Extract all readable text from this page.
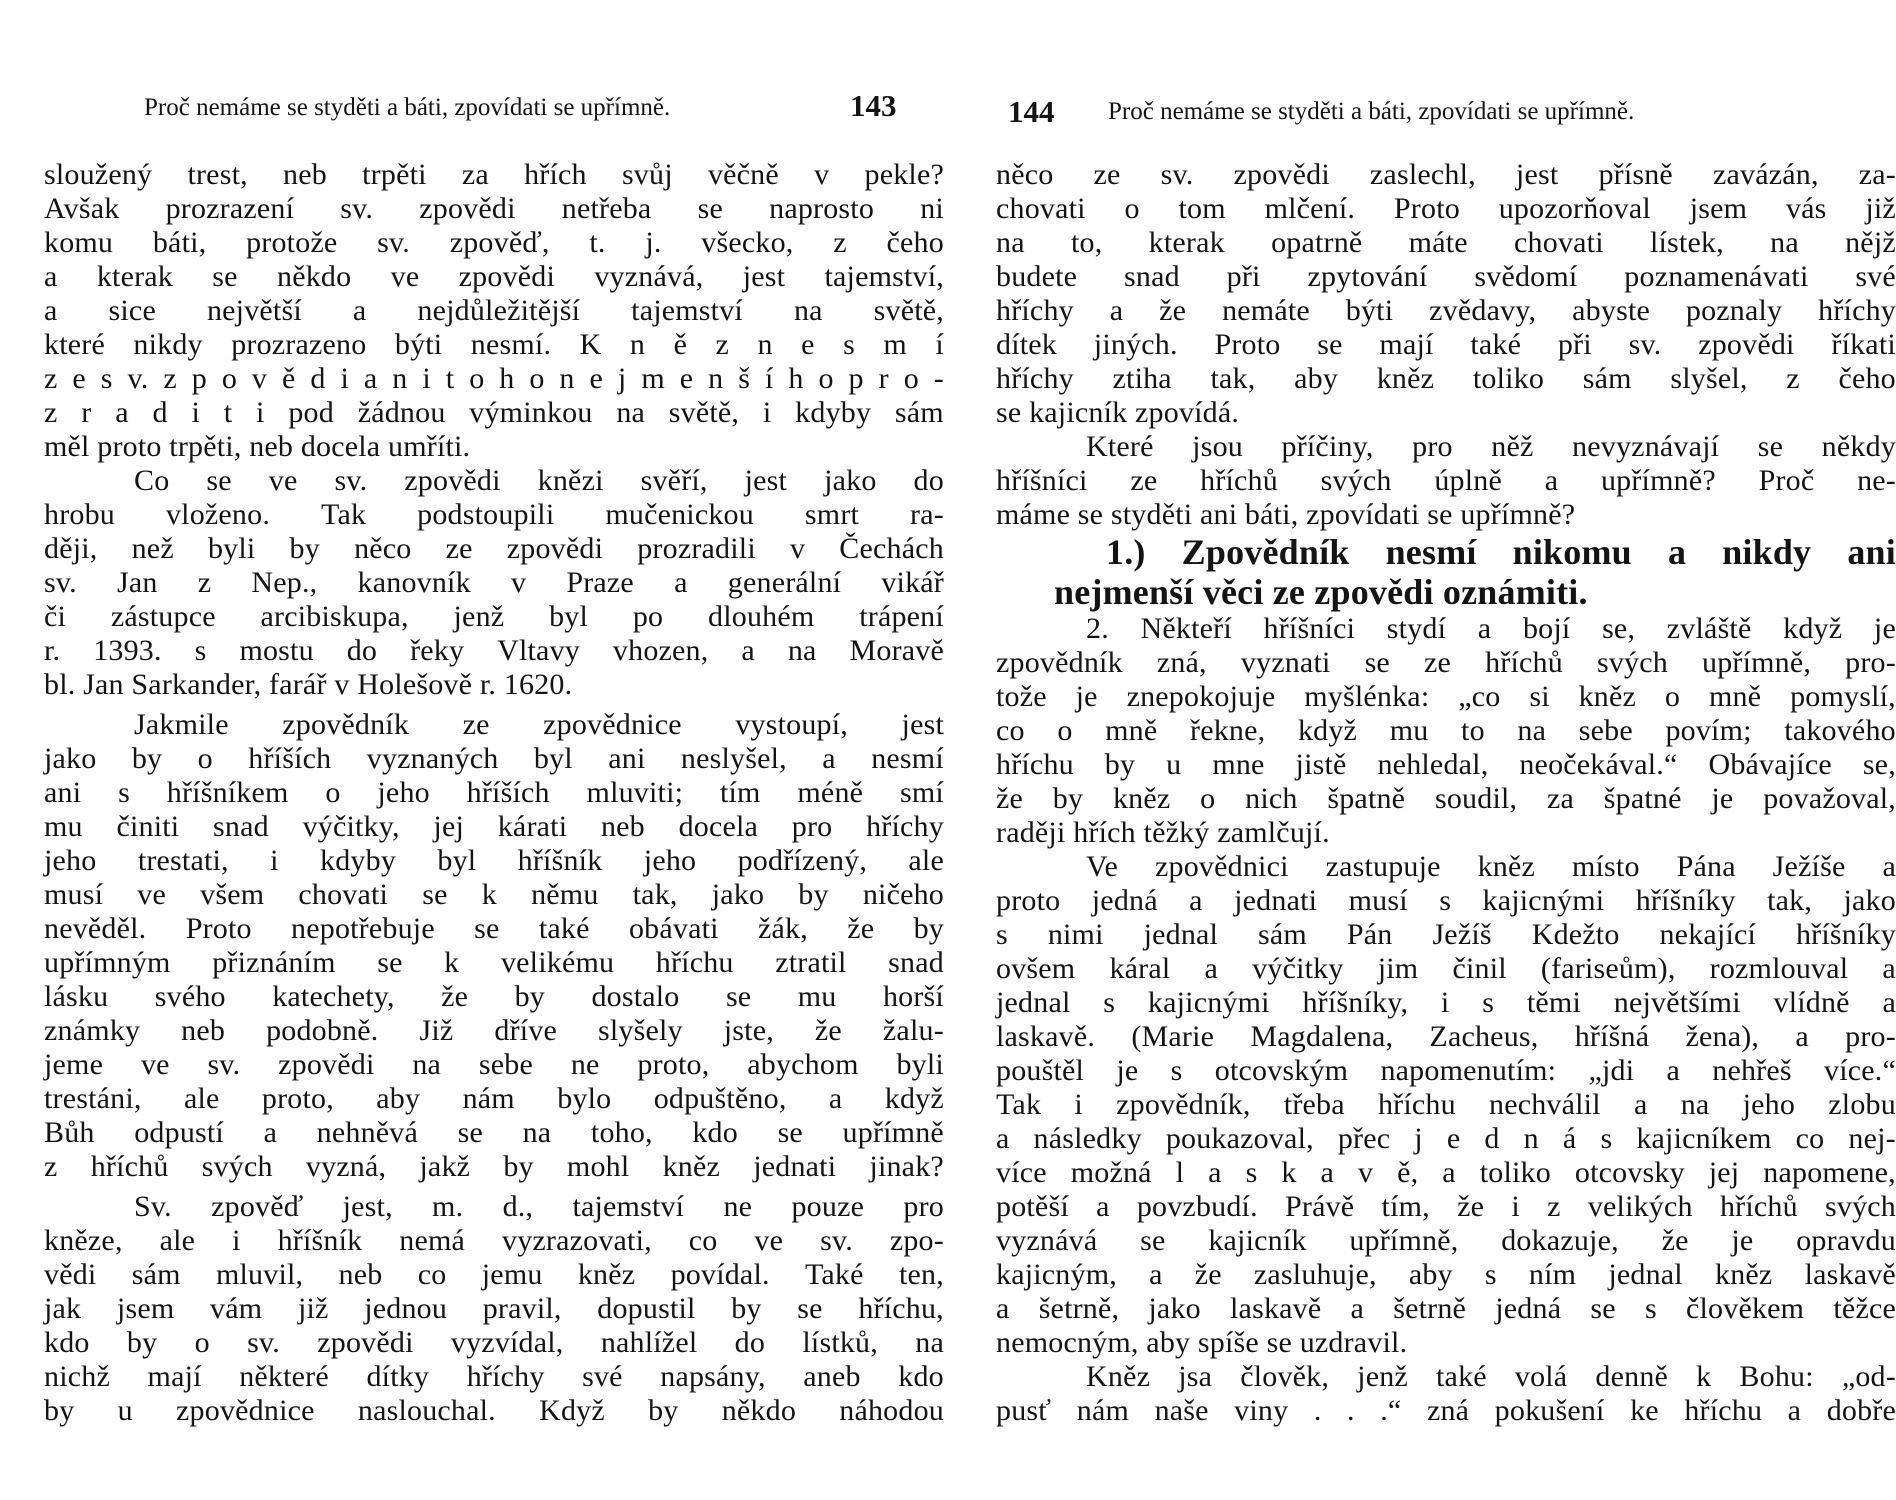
Proč nemáme se styděti a báti, zpovídati se upřímně.	143
sloužený trest, neb trpěti za hřích svůj věčně v pekle?
Avšak prozrazení sv. zpovědi netřeba se naprosto ni
komu báti, protože sv. zpověď, t. j. všecko, z čeho
a kterak se někdo ve zpovědi vyznává, jest tajemství,
a sice největší a nejdůležitější tajemství na světě,
které nikdy prozrazeno býti nesmí. K n ě z n e s m í
z e s v. z p o v ě d i a n i t o h o n e j m e n š í h o p r o -
z r a d i t i pod žádnou výminkou na světě, i kdyby sám
měl proto trpěti, neb docela umříti.
Co se ve sv. zpovědi knězi svěří, jest jako do
hrobu vloženo. Tak podstoupili mučenickou smrt ra-
ději, než byli by něco ze zpovědi prozradili v Čechách
sv. Jan z Nep., kanovník v Praze a generální vikář
či zástupce arcibiskupa, jenž byl po dlouhém trápení
r. 1393. s mostu do řeky Vltavy vhozen, a na Moravě
bl. Jan Sarkander, farář v Holešově r. 1620.
Jakmile zpovědník ze zpovědnice vystoupí, jest
jako by o hříších vyznaných byl ani neslyšel, a nesmí
ani s hříšníkem o jeho hříších mluviti; tím méně smí
mu činiti snad výčitky, jej kárati neb docela pro hříchy
jeho trestati, i kdyby byl hříšník jeho podřízený, ale
musí ve všem chovati se k němu tak, jako by ničeho
nevěděl. Proto nepotřebuje se také obávati žák, že by
upřímným přiznáním se k velikému hříchu ztratil snad
lásku svého katechety, že by dostalo se mu horší
známky neb podobně. Již dříve slyšely jste, že žalu-
jeme ve sv. zpovědi na sebe ne proto, abychom byli
trestáni, ale proto, aby nám bylo odpuštěno, a když
Bůh odpustí a nehněvá se na toho, kdo se upřímně
z hříchů svých vyzná, jakž by mohl kněz jednati jinak?
Sv. zpověď jest, m. d., tajemství ne pouze pro
kněze, ale i hříšník nemá vyzrazovati, co ve sv. zpo-
vědi sám mluvil, neb co jemu kněz povídal. Také ten,
jak jsem vám již jednou pravil, dopustil by se hříchu,
kdo by o sv. zpovědi vyzvídal, nahlížel do lístků, na
nichž mají některé dítky hříchy své napsány, aneb kdo
by u zpovědnice naslouchal. Když by někdo náhodou
144 Proč nemáme se styděti a báti, zpovídati se upřímně.
něco ze sv. zpovědi zaslechl, jest přísně zavázán, za-
chovati o tom mlčení. Proto upozorňoval jsem vás již
na to, kterak opatrně máte chovati lístek, na nějž
budete snad při zpytování svědomí poznamenávati své
hříchy a že nemáte býti zvědavy, abyste poznaly hříchy
dítek jiných. Proto se mají také při sv. zpovědi říkati
hříchy ztiha tak, aby kněz toliko sám slyšel, z čeho
se kajicník zpovídá.
Které jsou příčiny, pro něž nevyznávají se někdy
hříšníci ze hříchů svých úplně a upřímně? Proč ne-
máme se styděti ani báti, zpovídati se upřímně?
1.) Zpovědník nesmí nikomu a nikdy ani
nejmenší věci ze zpovědi oznámiti.
2. Někteří hříšníci stydí a bojí se, zvláště když je
zpovědník zná, vyznati se ze hříchů svých upřímně, pro-
tože je znepokojuje myšlénka: „co si kněz o mně pomyslí,
co o mně řekne, když mu to na sebe povím; takového
hříchu by u mne jistě nehledal, neočekával.“ Obávajíce se,
že by kněz o nich špatně soudil, za špatné je považoval,
raději hřích těžký zamlčují.
Ve zpovědnici zastupuje kněz místo Pána Ježíše a
proto jedná a jednati musí s kajicnými hříšníky tak, jako
s nimi jednal sám Pán Ježíš Kdežto nekající hříšníky
ovšem káral a výčitky jim činil (fariseům), rozmlouval a
jednal s kajicnými hříšníky, i s těmi největšími vlídně a
laskavě. (Marie Magdalena, Zacheus, hříšná žena), a pro-
pouštěl je s otcovským napomenutím: „jdi a nehřeš více.“
Tak i zpovědník, třeba hříchu nechválil a na jeho zlobu
a následky poukazoval, přec j e d n á s kajicníkem co nej-
více možná l a s k a v ě, a toliko otcovsky jej napomene,
potěší a povzbudí. Právě tím, že i z velikých hříchů svých
vyznává se kajicník upřímně, dokazuje, že je opravdu
kajicným, a že zasluhuje, aby s ním jednal kněz laskavě
a šetrně, jako laskavě a šetrně jedná se s člověkem těžce
nemocným, aby spíše se uzdravil.
Kněz jsa člověk, jenž také volá denně k Bohu: „od-
pusť nám naše viny . . .“ zná pokušení ke hříchu a dobře
